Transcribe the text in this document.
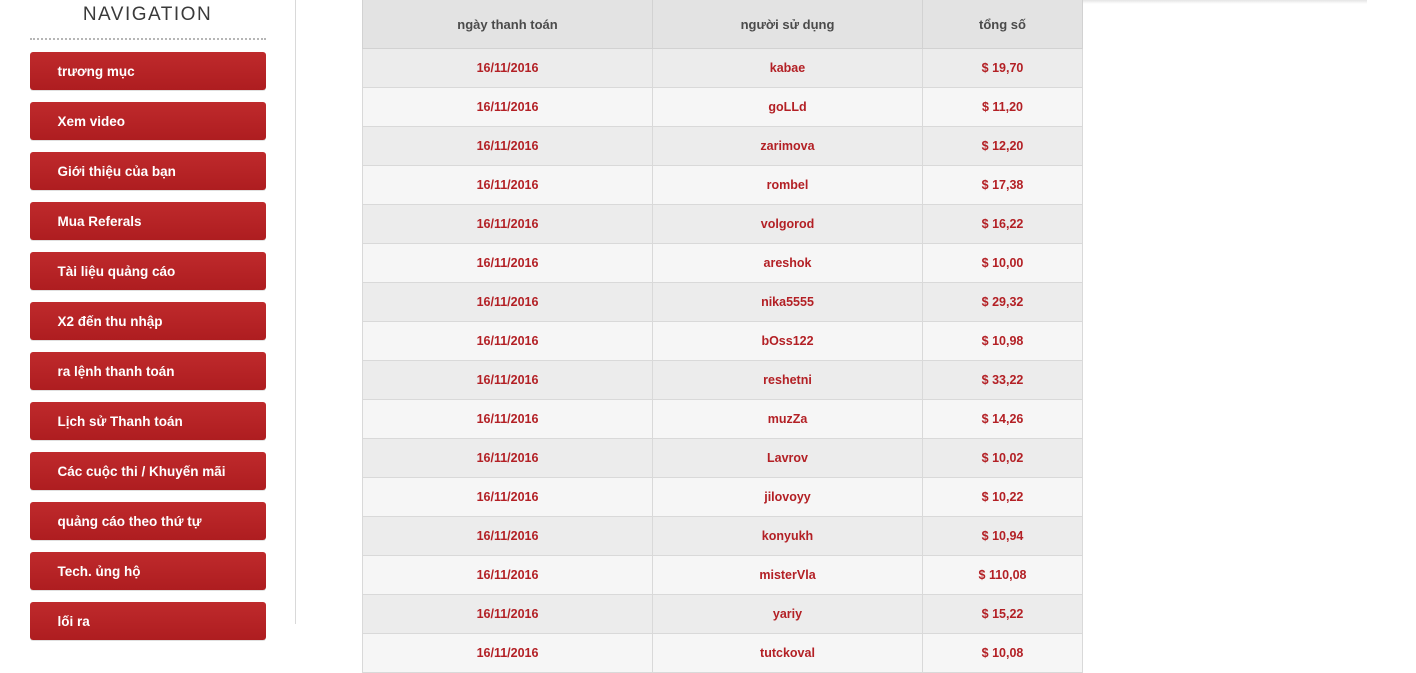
NAVIGATION
trương mục
Xem video
Giới thiệu của bạn
Mua Referals
Tài liệu quảng cáo
X2 đến thu nhập
ra lệnh thanh toán
Lịch sử Thanh toán
Các cuộc thi / Khuyến mãi
quảng cáo theo thứ tự
Tech. ủng hộ
lối ra
ngày thanh toán	người sử dụng	tổng số
16/11/2016	kabae	$ 19,70
16/11/2016	goLLd	$ 11,20
16/11/2016	zarimova	$ 12,20
16/11/2016	rombel	$ 17,38
16/11/2016	volgorod	$ 16,22
16/11/2016	areshok	$ 10,00
16/11/2016	nika5555	$ 29,32
16/11/2016	bOss122	$ 10,98
16/11/2016	reshetni	$ 33,22
16/11/2016	muzZa	$ 14,26
16/11/2016	Lavrov	$ 10,02
16/11/2016	jilovoyy	$ 10,22
16/11/2016	konyukh	$ 10,94
16/11/2016	misterVla	$ 110,08
16/11/2016	yariy	$ 15,22
16/11/2016	tutckoval	$ 10,08
